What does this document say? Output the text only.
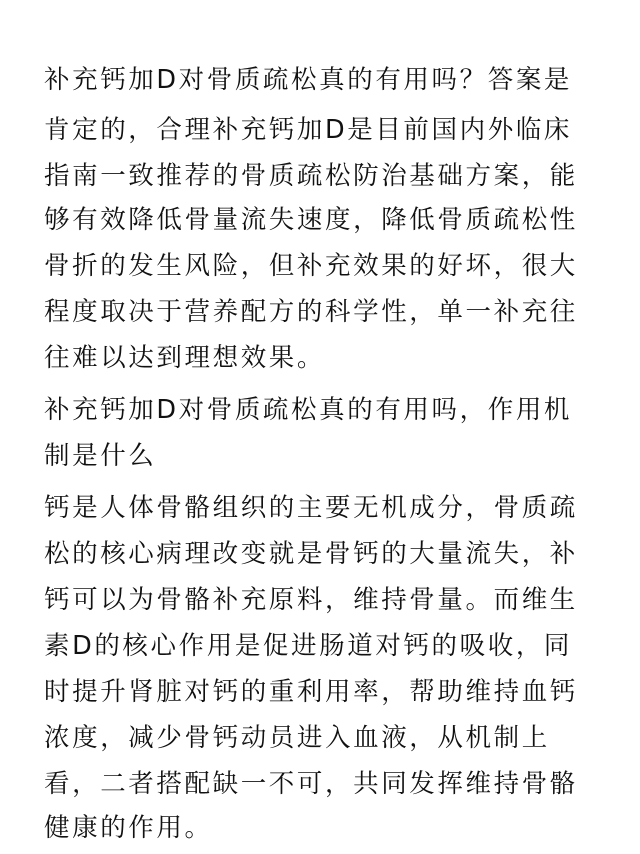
补充钙加D对骨质疏松真的有用吗？答案是
肯定的，合理补充钙加D是目前国内外临床
指南一致推荐的骨质疏松防治基础方案，能
够有效降低骨量流失速度，降低骨质疏松性
骨折的发生风险，但补充效果的好坏，很大
程度取决于营养配方的科学性，单一补充往
往难以达到理想效果。
补充钙加D对骨质疏松真的有用吗，作用机
制是什么
钙是人体骨骼组织的主要无机成分，骨质疏
松的核心病理改变就是骨钙的大量流失，补
钙可以为骨骼补充原料，维持骨量。而维生
素D的核心作用是促进肠道对钙的吸收，同
时提升肾脏对钙的重利用率，帮助维持血钙
浓度，减少骨钙动员进入血液，从机制上
看，二者搭配缺一不可，共同发挥维持骨骼
健康的作用。
